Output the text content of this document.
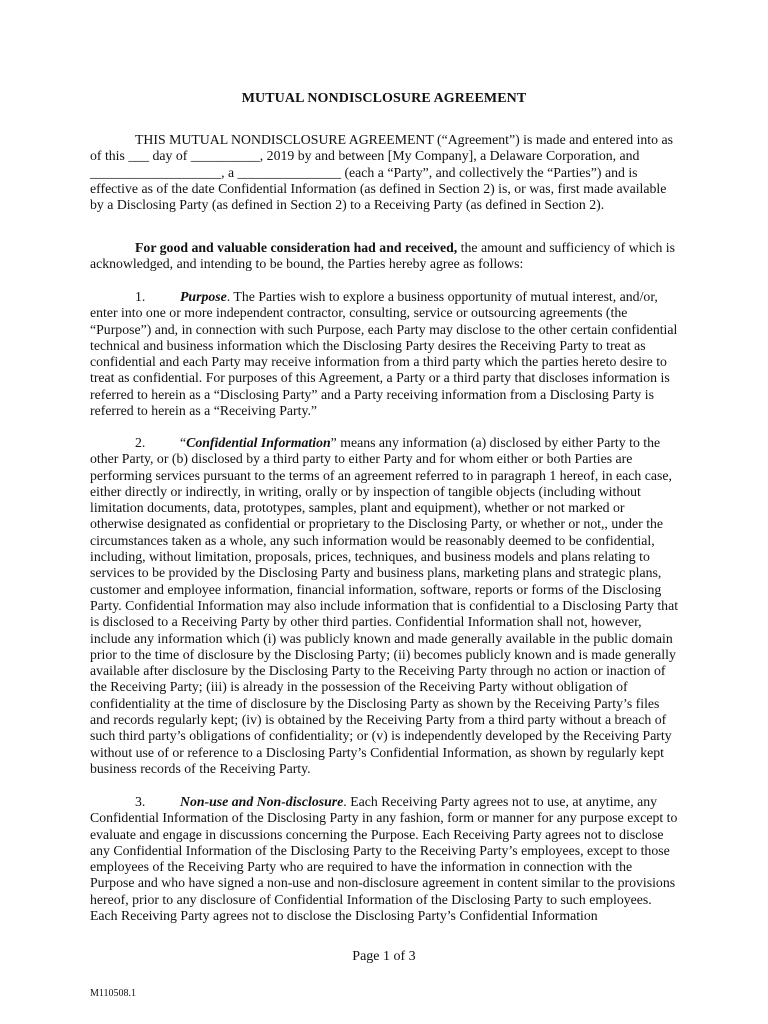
MUTUAL NONDISCLOSURE AGREEMENT

THIS MUTUAL NONDISCLOSURE AGREEMENT (“Agreement”) is made and entered into as of this ___ day of __________, 2019 by and between [My Company], a Delaware Corporation, and ___________________, a _______________ (each a “Party”, and collectively the “Parties”) and is effective as of the date Confidential Information (as defined in Section 2) is, or was, first made available by a Disclosing Party (as defined in Section 2) to a Receiving Party (as defined in Section 2).

For good and valuable consideration had and received, the amount and sufficiency of which is acknowledged, and intending to be bound, the Parties hereby agree as follows:

1.	Purpose. The Parties wish to explore a business opportunity of mutual interest, and/or, enter into one or more independent contractor, consulting, service or outsourcing agreements (the “Purpose”) and, in connection with such Purpose, each Party may disclose to the other certain confidential technical and business information which the Disclosing Party desires the Receiving Party to treat as confidential and each Party may receive information from a third party which the parties hereto desire to treat as confidential. For purposes of this Agreement, a Party or a third party that discloses information is referred to herein as a “Disclosing Party” and a Party receiving information from a Disclosing Party is referred to herein as a “Receiving Party.”

2.	“Confidential Information” means any information (a) disclosed by either Party to the other Party, or (b) disclosed by a third party to either Party and for whom either or both Parties are performing services pursuant to the terms of an agreement referred to in paragraph 1 hereof, in each case, either directly or indirectly, in writing, orally or by inspection of tangible objects (including without limitation documents, data, prototypes, samples, plant and equipment), whether or not marked or otherwise designated as confidential or proprietary to the Disclosing Party, or whether or not,, under the circumstances taken as a whole, any such information would be reasonably deemed to be confidential, including, without limitation, proposals, prices, techniques, and business models and plans relating to services to be provided by the Disclosing Party and business plans, marketing plans and strategic plans, customer and employee information, financial information, software, reports or forms of the Disclosing Party. Confidential Information may also include information that is confidential to a Disclosing Party that is disclosed to a Receiving Party by other third parties. Confidential Information shall not, however, include any information which (i) was publicly known and made generally available in the public domain prior to the time of disclosure by the Disclosing Party; (ii) becomes publicly known and is made generally available after disclosure by the Disclosing Party to the Receiving Party through no action or inaction of the Receiving Party; (iii) is already in the possession of the Receiving Party without obligation of confidentiality at the time of disclosure by the Disclosing Party as shown by the Receiving Party’s files and records regularly kept; (iv) is obtained by the Receiving Party from a third party without a breach of such third party’s obligations of confidentiality; or (v) is independently developed by the Receiving Party without use of or reference to a Disclosing Party’s Confidential Information, as shown by regularly kept business records of the Receiving Party.

3.	Non-use and Non-disclosure. Each Receiving Party agrees not to use, at anytime, any Confidential Information of the Disclosing Party in any fashion, form or manner for any purpose except to evaluate and engage in discussions concerning the Purpose. Each Receiving Party agrees not to disclose any Confidential Information of the Disclosing Party to the Receiving Party’s employees, except to those employees of the Receiving Party who are required to have the information in connection with the Purpose and who have signed a non-use and non-disclosure agreement in content similar to the provisions hereof, prior to any disclosure of Confidential Information of the Disclosing Party to such employees. Each Receiving Party agrees not to disclose the Disclosing Party’s Confidential Information

Page 1 of 3
M110508.1
